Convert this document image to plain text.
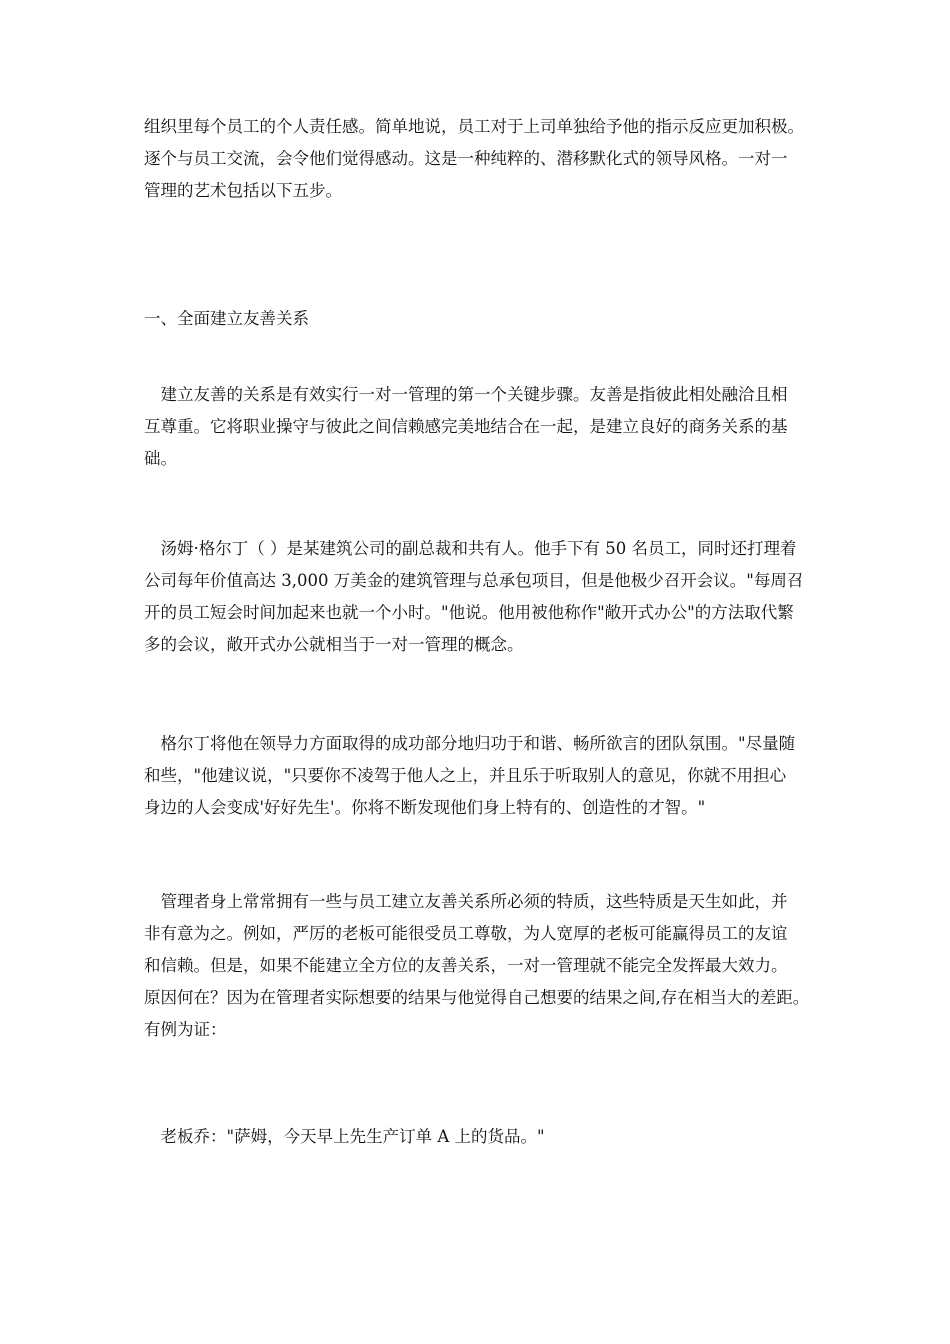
组织里每个员工的个人责任感。简单地说，员工对于上司单独给予他的指示反应更加积极。
逐个与员工交流，会令他们觉得感动。这是一种纯粹的、潜移默化式的领导风格。一对一
管理的艺术包括以下五步。
一、全面建立友善关系
　建立友善的关系是有效实行一对一管理的第一个关键步骤。友善是指彼此相处融洽且相
互尊重。它将职业操守与彼此之间信赖感完美地结合在一起，是建立良好的商务关系的基
础。
　汤姆·格尔丁（ ）是某建筑公司的副总裁和共有人。他手下有 50 名员工，同时还打理着
公司每年价值高达 3,000 万美金的建筑管理与总承包项目，但是他极少召开会议。"每周召
开的员工短会时间加起来也就一个小时。"他说。他用被他称作"敞开式办公"的方法取代繁
多的会议，敞开式办公就相当于一对一管理的概念。
　格尔丁将他在领导力方面取得的成功部分地归功于和谐、畅所欲言的团队氛围。"尽量随
和些，"他建议说，"只要你不凌驾于他人之上，并且乐于听取别人的意见，你就不用担心
身边的人会变成'好好先生'。你将不断发现他们身上特有的、创造性的才智。"
　管理者身上常常拥有一些与员工建立友善关系所必须的特质，这些特质是天生如此，并
非有意为之。例如，严厉的老板可能很受员工尊敬，为人宽厚的老板可能赢得员工的友谊
和信赖。但是，如果不能建立全方位的友善关系，一对一管理就不能完全发挥最大效力。
原因何在？因为在管理者实际想要的结果与他觉得自己想要的结果之间,存在相当大的差距。
有例为证：
　老板乔："萨姆，今天早上先生产订单 A 上的货品。"
